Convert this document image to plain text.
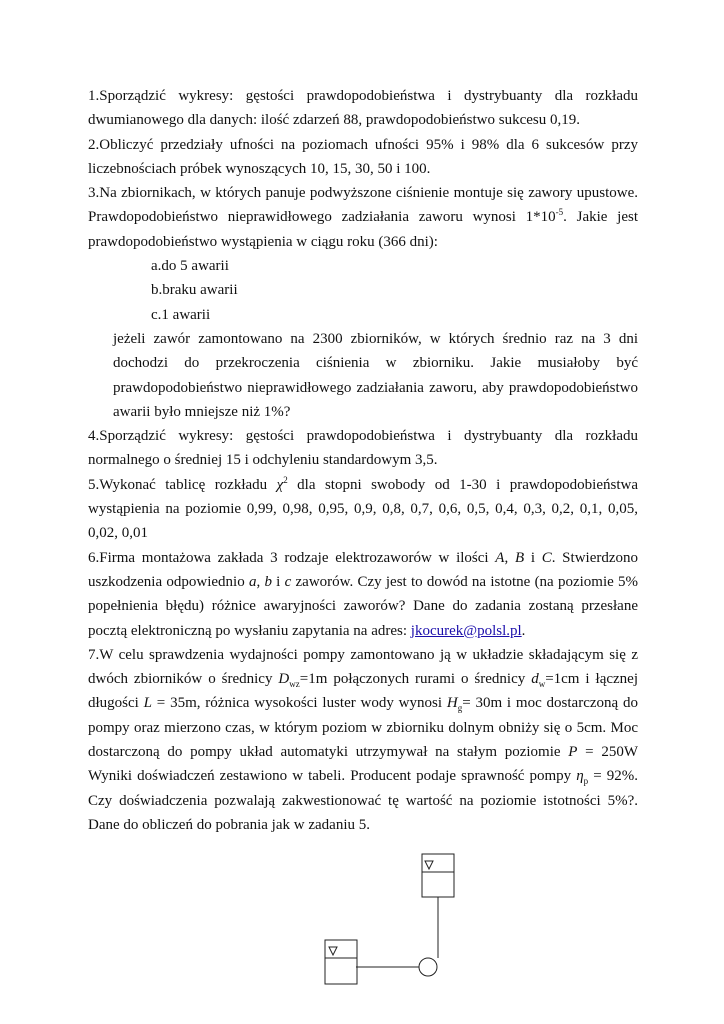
1.Sporządzić wykresy: gęstości prawdopodobieństwa i dystrybuanty dla rozkładu dwumianowego dla danych: ilość zdarzeń 88, prawdopodobieństwo sukcesu 0,19.

2.Obliczyć przedziały ufności na poziomach ufności 95% i 98% dla 6 sukcesów przy liczebnościach próbek wynoszących 10, 15, 30, 50 i 100.

3.Na zbiornikach, w których panuje podwyższone ciśnienie montuje się zawory upustowe. Prawdopodobieństwo nieprawidłowego zadziałania zaworu wynosi $1*10^{-5}$. Jakie jest prawdopodobieństwo wystąpienia w ciągu roku (366 dni):

a.do 5 awarii

b.braku awarii

c.1 awarii

jeżeli zawór zamontowano na 2300 zbiorników, w których średnio raz na 3 dni dochodzi do przekroczenia ciśnienia w zbiorniku. Jakie musiałoby być prawdopodobieństwo nieprawidłowego zadziałania zaworu, aby prawdopodobieństwo awarii było mniejsze niż 1%?

4.Sporządzić wykresy: gęstości prawdopodobieństwa i dystrybuanty dla rozkładu normalnego o średniej 15 i odchyleniu standardowym 3,5.

5.Wykonać tablicę rozkładu $\chi^2$ dla stopni swobody od 1-30 i prawdopodobieństwa wystąpienia na poziomie 0,99, 0,98, 0,95, 0,9, 0,8, 0,7, 0,6, 0,5, 0,4, 0,3, 0,2, 0,1, 0,05, 0,02, 0,01

6.Firma montażowa zakłada 3 rodzaje elektrozaworów w ilości A, B i C. Stwierdzono uszkodzenia odpowiednio a, b i c zaworów. Czy jest to dowód na istotne (na poziomie 5% popełnienia błędu) różnice awaryjności zaworów? Dane do zadania zostaną przesłane pocztą elektroniczną po wysłaniu zapytania na adres: jkocurek@polsl.pl.

7.W celu sprawdzenia wydajności pompy zamontowano ją w układzie składającym się z dwóch zbiorników o średnicy $D_{wz}=1m$ połączonych rurami o średnicy $d_w=1cm$ i łącznej długości L = 35m, różnica wysokości luster wody wynosi $H_g= 30m$ i moc dostarczoną do pompy oraz mierzono czas, w którym poziom w zbiorniku dolnym obniży się o 5cm. Moc dostarczoną do pompy układ automatyki utrzymywał na stałym poziomie P = 250W Wyniki doświadczeń zestawiono w tabeli. Producent podaje sprawność pompy $\eta_p = 92\%$. Czy doświadczenia pozwalają zakwestionować tę wartość na poziomie istotności 5%?. Dane do obliczeń do pobrania jak w zadaniu 5.
